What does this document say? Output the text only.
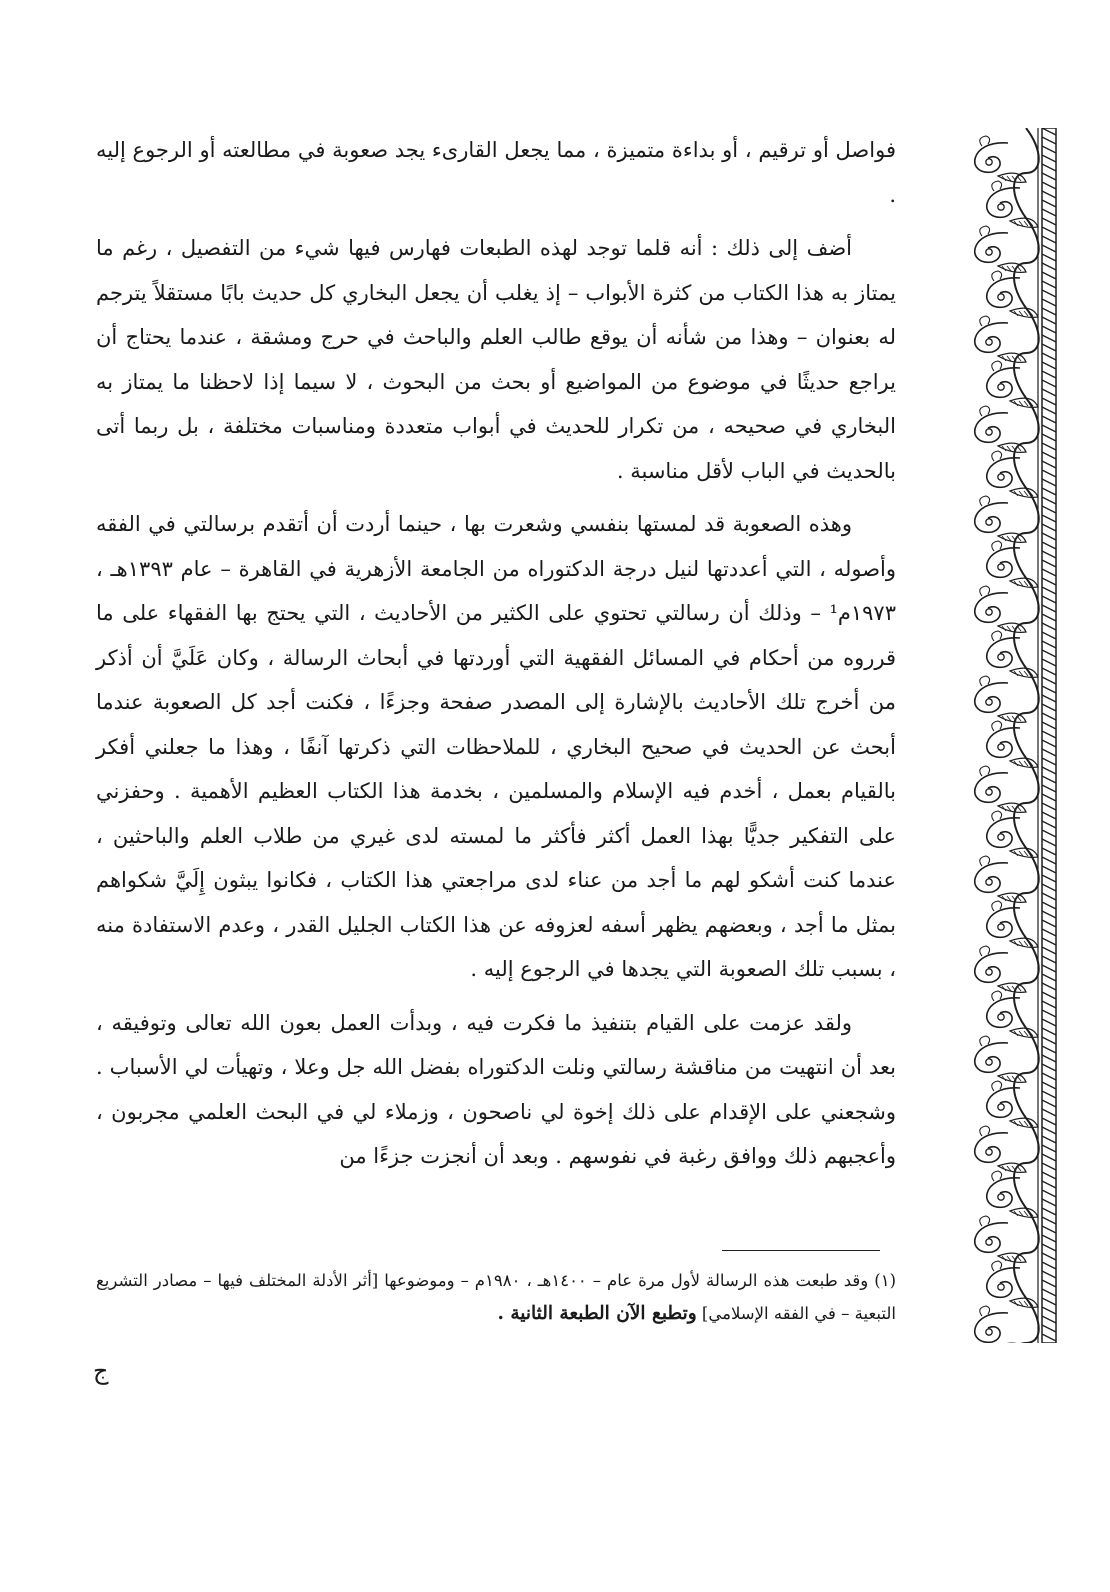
فواصل أو ترقيم ، أو بداءة متميزة ، مما يجعل القارىء يجد صعوبة في مطالعته أو الرجوع إليه .

أضف إلى ذلك : أنه قلما توجد لهذه الطبعات فهارس فيها شيء من التفصيل ، رغم ما يمتاز به هذا الكتاب من كثرة الأبواب – إذ يغلب أن يجعل البخاري كل حديث بابًا مستقلاً يترجم له بعنوان – وهذا من شأنه أن يوقع طالب العلم والباحث في حرج ومشقة ، عندما يحتاج أن يراجع حديثًا في موضوع من المواضيع أو بحث من البحوث ، لا سيما إذا لاحظنا ما يمتاز به البخاري في صحيحه ، من تكرار للحديث في أبواب متعددة ومناسبات مختلفة ، بل ربما أتى بالحديث في الباب لأقل مناسبة .

وهذه الصعوبة قد لمستها بنفسي وشعرت بها ، حينما أردت أن أتقدم برسالتي في الفقه وأصوله ، التي أعددتها لنيل درجة الدكتوراه من الجامعة الأزهرية في القاهرة – عام ١٣٩٣هـ ، ١٩٧٣م¹ – وذلك أن رسالتي تحتوي على الكثير من الأحاديث ، التي يحتج بها الفقهاء على ما قرروه من أحكام في المسائل الفقهية التي أوردتها في أبحاث الرسالة ، وكان عَلَيَّ أن أذكر من أخرج تلك الأحاديث بالإشارة إلى المصدر صفحة وجزءًا ، فكنت أجد كل الصعوبة عندما أبحث عن الحديث في صحيح البخاري ، للملاحظات التي ذكرتها آنفًا ، وهذا ما جعلني أفكر بالقيام بعمل ، أخدم فيه الإسلام والمسلمين ، بخدمة هذا الكتاب العظيم الأهمية . وحفزني على التفكير جديًّا بهذا العمل أكثر فأكثر ما لمسته لدى غيري من طلاب العلم والباحثين ، عندما كنت أشكو لهم ما أجد من عناء لدى مراجعتي هذا الكتاب ، فكانوا يبثون إِلَيَّ شكواهم بمثل ما أجد ، وبعضهم يظهر أسفه لعزوفه عن هذا الكتاب الجليل القدر ، وعدم الاستفادة منه ، بسبب تلك الصعوبة التي يجدها في الرجوع إليه .

ولقد عزمت على القيام بتنفيذ ما فكرت فيه ، وبدأت العمل بعون الله تعالى وتوفيقه ، بعد أن انتهيت من مناقشة رسالتي ونلت الدكتوراه بفضل الله جل وعلا ، وتهيأت لي الأسباب . وشجعني على الإقدام على ذلك إخوة لي ناصحون ، وزملاء لي في البحث العلمي مجربون ، وأعجبهم ذلك ووافق رغبة في نفوسهم . وبعد أن أنجزت جزءًا من

(١) وقد طبعت هذه الرسالة لأول مرة عام – ١٤٠٠هـ ، ١٩٨٠م – وموضوعها [أثر الأدلة المختلف فيها – مصادر التشريع التبعية – في الفقه الإسلامي] وتطبع الآن الطبعة الثانية .

ج
